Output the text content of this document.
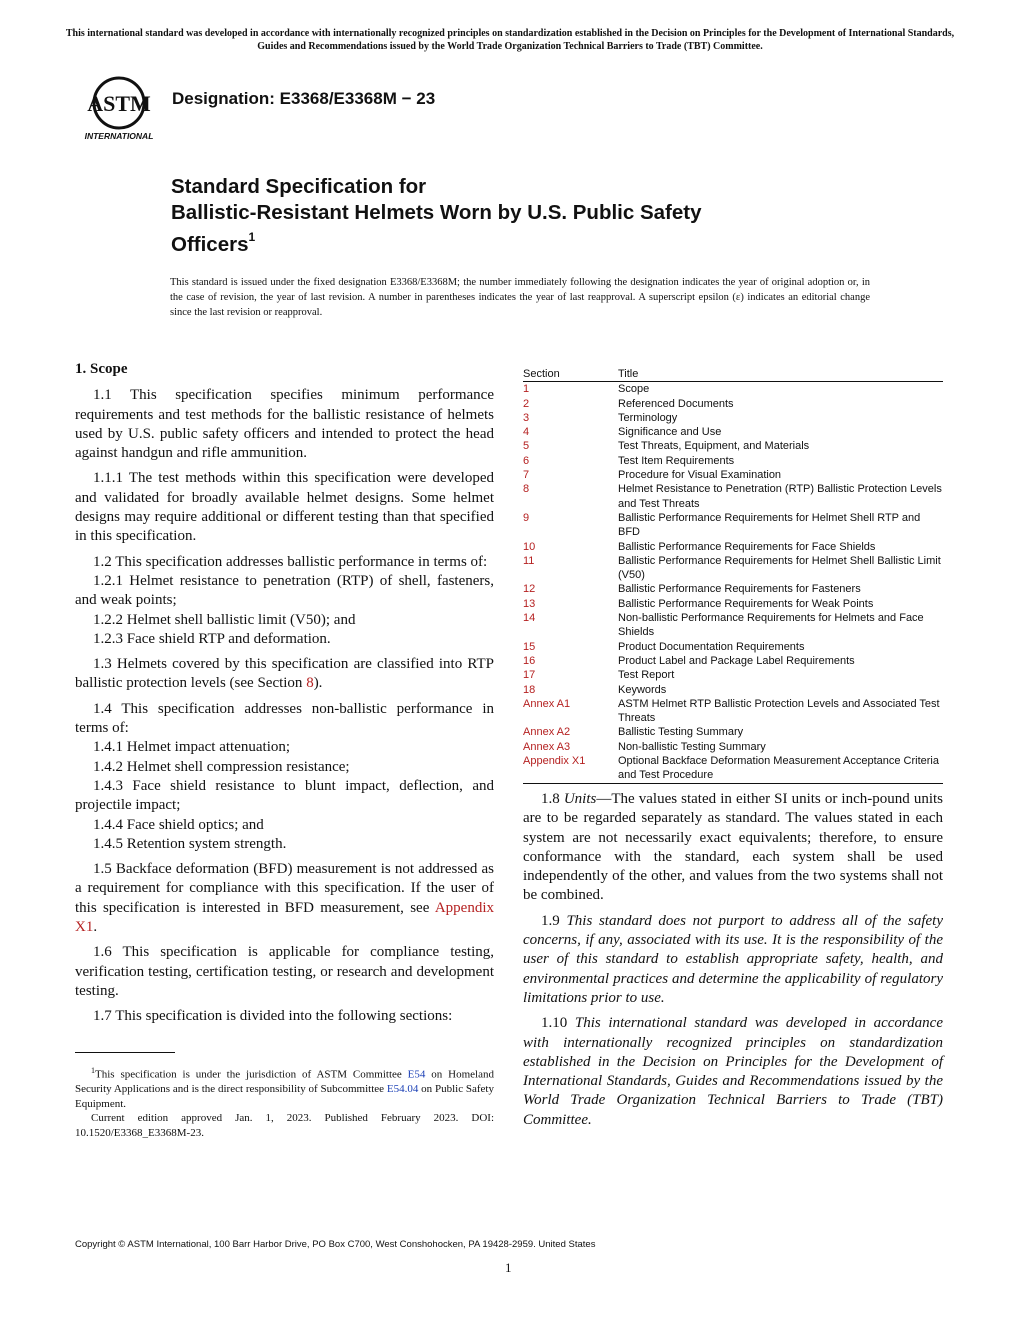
This international standard was developed in accordance with internationally recognized principles on standardization established in the Decision on Principles for the Development of International Standards, Guides and Recommendations issued by the World Trade Organization Technical Barriers to Trade (TBT) Committee.
ASTM
INTERNATIONAL
Designation: E3368/E3368M − 23
Standard Specification for
Ballistic-Resistant Helmets Worn by U.S. Public Safety
Officers$^1$
This standard is issued under the fixed designation E3368/E3368M; the number immediately following the designation indicates the year of original adoption or, in the case of revision, the year of last revision. A number in parentheses indicates the year of last reapproval. A superscript epsilon (ε) indicates an editorial change since the last revision or reapproval.
1. Scope

1.1 This specification specifies minimum performance requirements and test methods for the ballistic resistance of helmets used by U.S. public safety officers and intended to protect the head against handgun and rifle ammunition.

1.1.1 The test methods within this specification were developed and validated for broadly available helmet designs. Some helmet designs may require additional or different testing than that specified in this specification.

1.2 This specification addresses ballistic performance in terms of:

1.2.1 Helmet resistance to penetration (RTP) of shell, fasteners, and weak points;

1.2.2 Helmet shell ballistic limit (V50); and

1.2.3 Face shield RTP and deformation.

1.3 Helmets covered by this specification are classified into RTP ballistic protection levels (see Section 8).

1.4 This specification addresses non-ballistic performance in terms of:

1.4.1 Helmet impact attenuation;

1.4.2 Helmet shell compression resistance;

1.4.3 Face shield resistance to blunt impact, deflection, and projectile impact;

1.4.4 Face shield optics; and

1.4.5 Retention system strength.

1.5 Backface deformation (BFD) measurement is not addressed as a requirement for compliance with this specification. If the user of this specification is interested in BFD measurement, see Appendix X1.

1.6 This specification is applicable for compliance testing, verification testing, certification testing, or research and development testing.

1.7 This specification is divided into the following sections:

Section	Title
1	Scope
2	Referenced Documents
3	Terminology
4	Significance and Use
5	Test Threats, Equipment, and Materials
6	Test Item Requirements
7	Procedure for Visual Examination
8	Helmet Resistance to Penetration (RTP) Ballistic Protection Levels and Test Threats
9	Ballistic Performance Requirements for Helmet Shell RTP and BFD
10	Ballistic Performance Requirements for Face Shields
11	Ballistic Performance Requirements for Helmet Shell Ballistic Limit (V50)
12	Ballistic Performance Requirements for Fasteners
13	Ballistic Performance Requirements for Weak Points
14	Non-ballistic Performance Requirements for Helmets and Face Shields
15	Product Documentation Requirements
16	Product Label and Package Label Requirements
17	Test Report
18	Keywords
Annex A1	ASTM Helmet RTP Ballistic Protection Levels and Associated Test Threats
Annex A2	Ballistic Testing Summary
Annex A3	Non-ballistic Testing Summary
Appendix X1	Optional Backface Deformation Measurement Acceptance Criteria and Test Procedure

1.8 Units—The values stated in either SI units or inch-pound units are to be regarded separately as standard. The values stated in each system are not necessarily exact equivalents; therefore, to ensure conformance with the standard, each system shall be used independently of the other, and values from the two systems shall not be combined.

1.9 This standard does not purport to address all of the safety concerns, if any, associated with its use. It is the responsibility of the user of this standard to establish appropriate safety, health, and environmental practices and determine the applicability of regulatory limitations prior to use.

1.10 This international standard was developed in accordance with internationally recognized principles on standardization established in the Decision on Principles for the Development of International Standards, Guides and Recommendations issued by the World Trade Organization Technical Barriers to Trade (TBT) Committee.

$^1$This specification is under the jurisdiction of ASTM Committee E54 on Homeland Security Applications and is the direct responsibility of Subcommittee E54.04 on Public Safety Equipment.

Current edition approved Jan. 1, 2023. Published February 2023. DOI: 10.1520/E3368_E3368M-23.

Copyright © ASTM International, 100 Barr Harbor Drive, PO Box C700, West Conshohocken, PA 19428-2959. United States
1
